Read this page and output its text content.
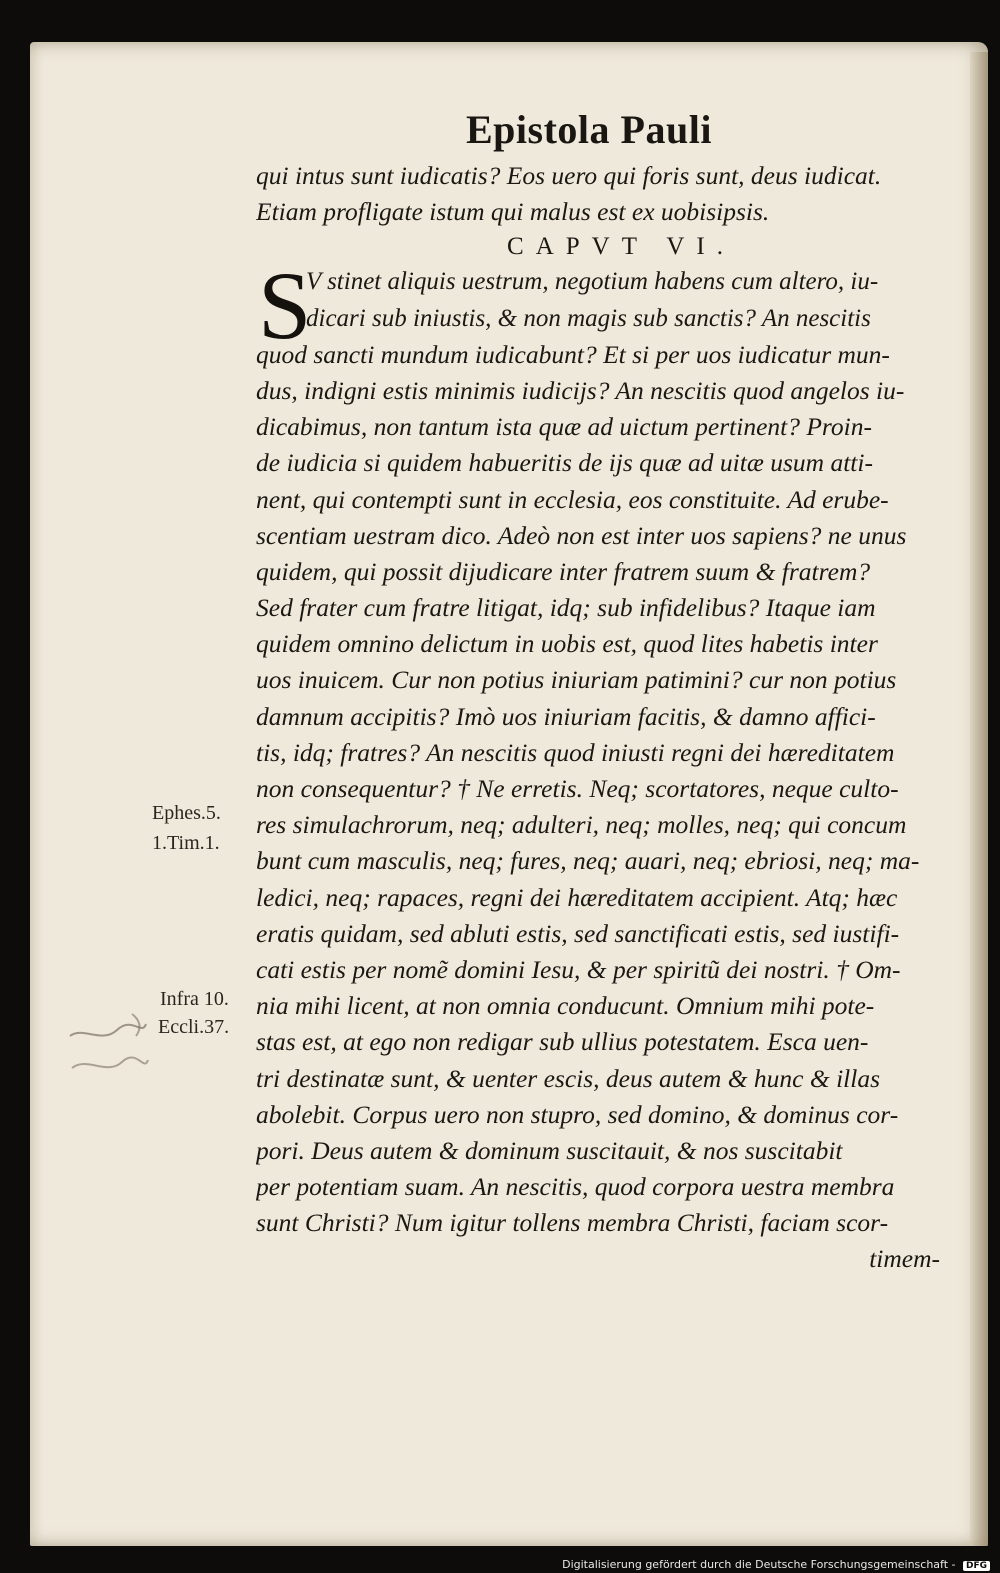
Epistola Pauli
qui intus sunt iudicatis? Eos uero qui foris sunt, deus iudicat.
Etiam profligate istum qui malus est ex uobisipsis.
CAPVT VI.
S
V stinet aliquis uestrum, negotium habens cum altero, iu-
dicari sub iniustis, & non magis sub sanctis? An nescitis
quod sancti mundum iudicabunt? Et si per uos iudicatur mun-
dus, indigni estis minimis iudicijs? An nescitis quod angelos iu-
dicabimus, non tantum ista quæ ad uictum pertinent? Proin-
de iudicia si quidem habueritis de ijs quæ ad uitæ usum atti-
nent, qui contempti sunt in ecclesia, eos constituite. Ad erube-
scentiam uestram dico. Adeò non est inter uos sapiens? ne unus
quidem, qui possit dijudicare inter fratrem suum & fratrem?
Sed frater cum fratre litigat, idq; sub infidelibus? Itaque iam
quidem omnino delictum in uobis est, quod lites habetis inter
uos inuicem. Cur non potius iniuriam patimini? cur non potius
damnum accipitis? Imò uos iniuriam facitis, & damno affici-
tis, idq; fratres? An nescitis quod iniusti regni dei hæreditatem
non consequentur? † Ne erretis. Neq; scortatores, neque culto-
res simulachrorum, neq; adulteri, neq; molles, neq; qui concum
bunt cum masculis, neq; fures, neq; auari, neq; ebriosi, neq; ma-
ledici, neq; rapaces, regni dei hæreditatem accipient. Atq; hæc
eratis quidam, sed abluti estis, sed sanctificati estis, sed iustifi-
cati estis per nomẽ domini Iesu, & per spiritũ dei nostri. † Om-
nia mihi licent, at non omnia conducunt. Omnium mihi pote-
stas est, at ego non redigar sub ullius potestatem. Esca uen-
tri destinatæ sunt, & uenter escis, deus autem & hunc & illas
abolebit. Corpus uero non stupro, sed domino, & dominus cor-
pori. Deus autem & dominum suscitauit, & nos suscitabit
per potentiam suam. An nescitis, quod corpora uestra membra
sunt Christi? Num igitur tollens membra Christi, faciam scor-
timem-

Ephes.5.

1.Tim.1.

Infra 10.

Eccli.37.

Digitalisierung gefördert durch die Deutsche Forschungsgemeinschaft - DFG
